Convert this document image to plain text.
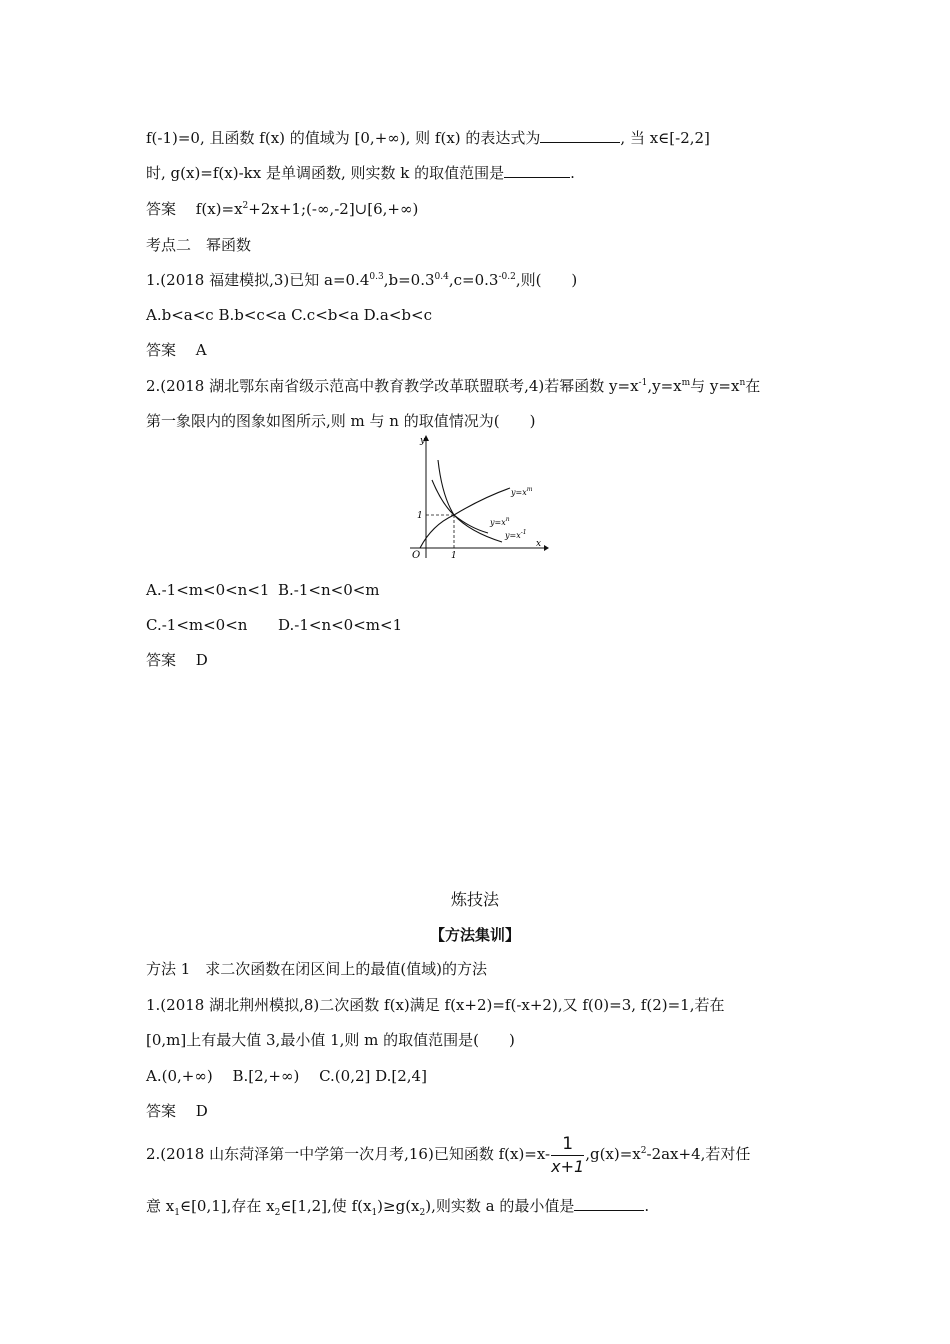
f(-1)=0, 且函数 f(x) 的值域为 [0,+∞), 则 f(x) 的表达式为	, 当 x∈[-2,2]
时, g(x)=f(x)-kx 是单调函数, 则实数 k 的取值范围是	.
答案　 $f(x)=x^2+2x+1;(-\infty,-2]\cup[6,+\infty)$
考点二　幂函数
1.(2018 福建模拟,3)已知 $a=0.4^{0.3},b=0.3^{0.4},c=0.3^{-0.2}$,则(　　)
A.b<a<c B.b<c<a C.c<b<a D.a<b<c
答案　 A
2.(2018 湖北鄂东南省级示范高中教育教学改革联盟联考,4)若幂函数 $y=x^{-1},y=x^m$与 $y=x^n$在
第一象限内的图象如图所示,则 m 与 n 的取值情况为(　　)
$y=x^m$
$y=x^n$
$y=x^{-1}$
y
x
O	1
1
A.-1<m<0<n<1 B.-1<n<0<m
C.-1<m<0<n D.-1<n<0<m<1
答案　 D
炼技法
【方法集训】
方法 1　求二次函数在闭区间上的最值(值域)的方法
1.(2018 湖北荆州模拟,8)二次函数 f(x)满足 f(x+2)=f(-x+2),又 f(0)=3, f(2)=1,若在
[0,m]上有最大值 3,最小值 1,则 m 的取值范围是(　　)
A.(0,+∞)　 B.[2,+∞)　 C.(0,2] D.[2,4]
答案　 D
2.(2018 山东菏泽第一中学第一次月考,16)已知函数 $f(x)=x- \frac{1}{x+1} ,g(x)=x^2-2ax+4$,若对任
意 $x_1\in[0,1]$,存在 $x_2\in[1,2]$,使 $f(x_1)\ge g(x_2)$,则实数 a 的最小值是	.
